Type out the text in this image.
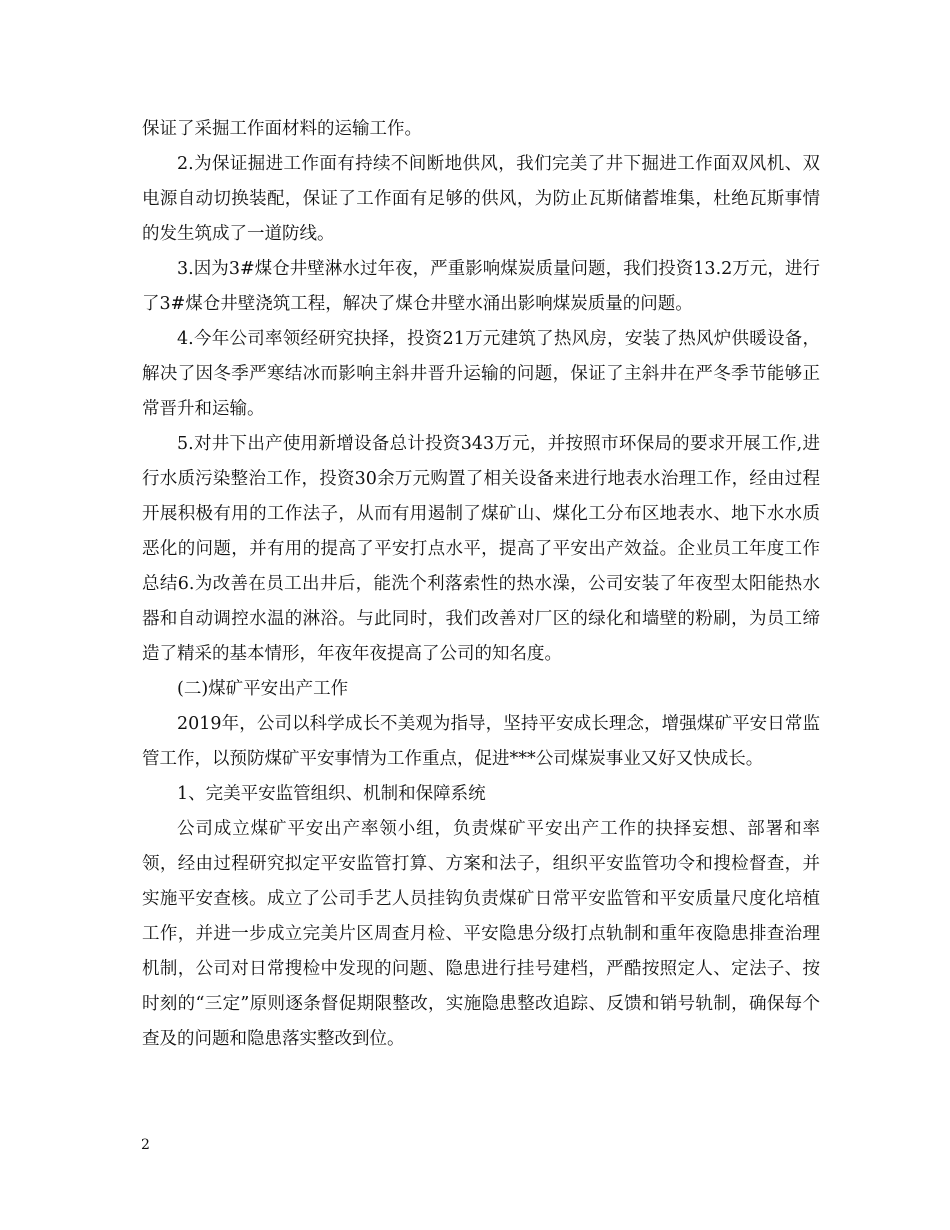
保证了采掘工作面材料的运输工作。

2.为保证掘进工作面有持续不间断地供风，我们完美了井下掘进工作面双风机、双电源自动切换装配，保证了工作面有足够的供风，为防止瓦斯储蓄堆集，杜绝瓦斯事情的发生筑成了一道防线。

3.因为3#煤仓井壁淋水过年夜，严重影响煤炭质量问题，我们投资13.2万元，进行了3#煤仓井壁浇筑工程，解决了煤仓井壁水涌出影响煤炭质量的问题。

4.今年公司率领经研究抉择，投资21万元建筑了热风房，安装了热风炉供暖设备，解决了因冬季严寒结冰而影响主斜井晋升运输的问题，保证了主斜井在严冬季节能够正常晋升和运输。

5.对井下出产使用新增设备总计投资343万元，并按照市环保局的要求开展工作,进行水质污染整治工作，投资30余万元购置了相关设备来进行地表水治理工作，经由过程开展积极有用的工作法子，从而有用遏制了煤矿山、煤化工分布区地表水、地下水水质恶化的问题，并有用的提高了平安打点水平，提高了平安出产效益。企业员工年度工作总结6.为改善在员工出井后，能洗个利落索性的热水澡，公司安装了年夜型太阳能热水器和自动调控水温的淋浴。与此同时，我们改善对厂区的绿化和墙壁的粉刷，为员工缔造了精采的基本情形，年夜年夜提高了公司的知名度。

(二)煤矿平安出产工作

2019年，公司以科学成长不美观为指导，坚持平安成长理念，增强煤矿平安日常监管工作，以预防煤矿平安事情为工作重点，促进***公司煤炭事业又好又快成长。

1、完美平安监管组织、机制和保障系统

公司成立煤矿平安出产率领小组，负责煤矿平安出产工作的抉择妄想、部署和率领，经由过程研究拟定平安监管打算、方案和法子，组织平安监管功令和搜检督查，并实施平安查核。成立了公司手艺人员挂钩负责煤矿日常平安监管和平安质量尺度化培植工作，并进一步成立完美片区周查月检、平安隐患分级打点轨制和重年夜隐患排查治理机制，公司对日常搜检中发现的问题、隐患进行挂号建档，严酷按照定人、定法子、按时刻的“三定”原则逐条督促期限整改，实施隐患整改追踪、反馈和销号轨制，确保每个查及的问题和隐患落实整改到位。

2
